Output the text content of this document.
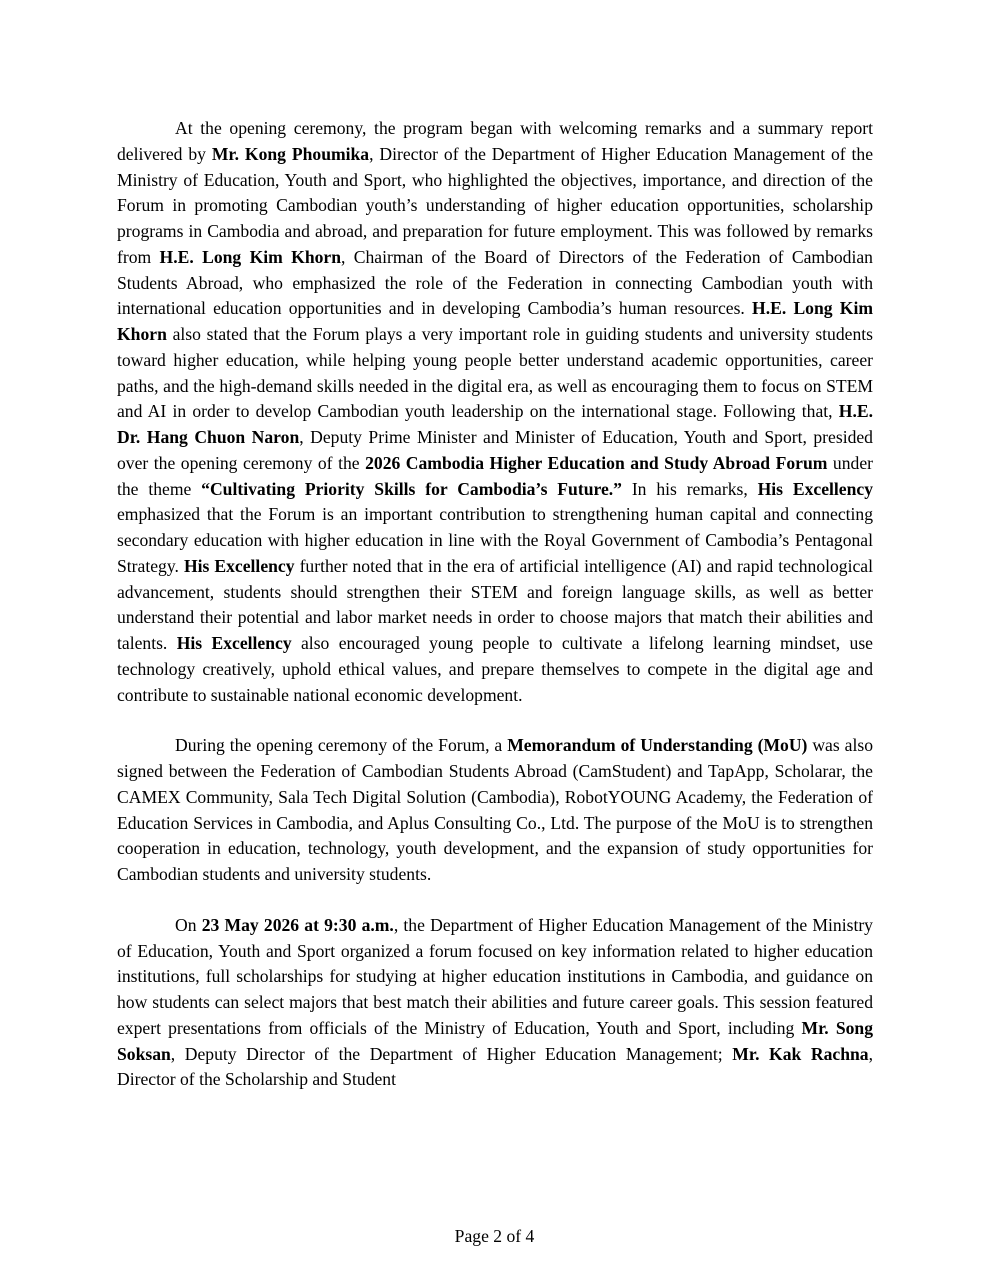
At the opening ceremony, the program began with welcoming remarks and a summary report delivered by Mr. Kong Phoumika, Director of the Department of Higher Education Management of the Ministry of Education, Youth and Sport, who highlighted the objectives, importance, and direction of the Forum in promoting Cambodian youth’s understanding of higher education opportunities, scholarship programs in Cambodia and abroad, and preparation for future employment. This was followed by remarks from H.E. Long Kim Khorn, Chairman of the Board of Directors of the Federation of Cambodian Students Abroad, who emphasized the role of the Federation in connecting Cambodian youth with international education opportunities and in developing Cambodia’s human resources. H.E. Long Kim Khorn also stated that the Forum plays a very important role in guiding students and university students toward higher education, while helping young people better understand academic opportunities, career paths, and the high-demand skills needed in the digital era, as well as encouraging them to focus on STEM and AI in order to develop Cambodian youth leadership on the international stage. Following that, H.E. Dr. Hang Chuon Naron, Deputy Prime Minister and Minister of Education, Youth and Sport, presided over the opening ceremony of the 2026 Cambodia Higher Education and Study Abroad Forum under the theme “Cultivating Priority Skills for Cambodia’s Future.” In his remarks, His Excellency emphasized that the Forum is an important contribution to strengthening human capital and connecting secondary education with higher education in line with the Royal Government of Cambodia’s Pentagonal Strategy. His Excellency further noted that in the era of artificial intelligence (AI) and rapid technological advancement, students should strengthen their STEM and foreign language skills, as well as better understand their potential and labor market needs in order to choose majors that match their abilities and talents. His Excellency also encouraged young people to cultivate a lifelong learning mindset, use technology creatively, uphold ethical values, and prepare themselves to compete in the digital age and contribute to sustainable national economic development.

During the opening ceremony of the Forum, a Memorandum of Understanding (MoU) was also signed between the Federation of Cambodian Students Abroad (CamStudent) and TapApp, Scholarar, the CAMEX Community, Sala Tech Digital Solution (Cambodia), RobotYOUNG Academy, the Federation of Education Services in Cambodia, and Aplus Consulting Co., Ltd. The purpose of the MoU is to strengthen cooperation in education, technology, youth development, and the expansion of study opportunities for Cambodian students and university students.

On 23 May 2026 at 9:30 a.m., the Department of Higher Education Management of the Ministry of Education, Youth and Sport organized a forum focused on key information related to higher education institutions, full scholarships for studying at higher education institutions in Cambodia, and guidance on how students can select majors that best match their abilities and future career goals. This session featured expert presentations from officials of the Ministry of Education, Youth and Sport, including Mr. Song Soksan, Deputy Director of the Department of Higher Education Management; Mr. Kak Rachna, Director of the Scholarship and Student

Page 2 of 4
